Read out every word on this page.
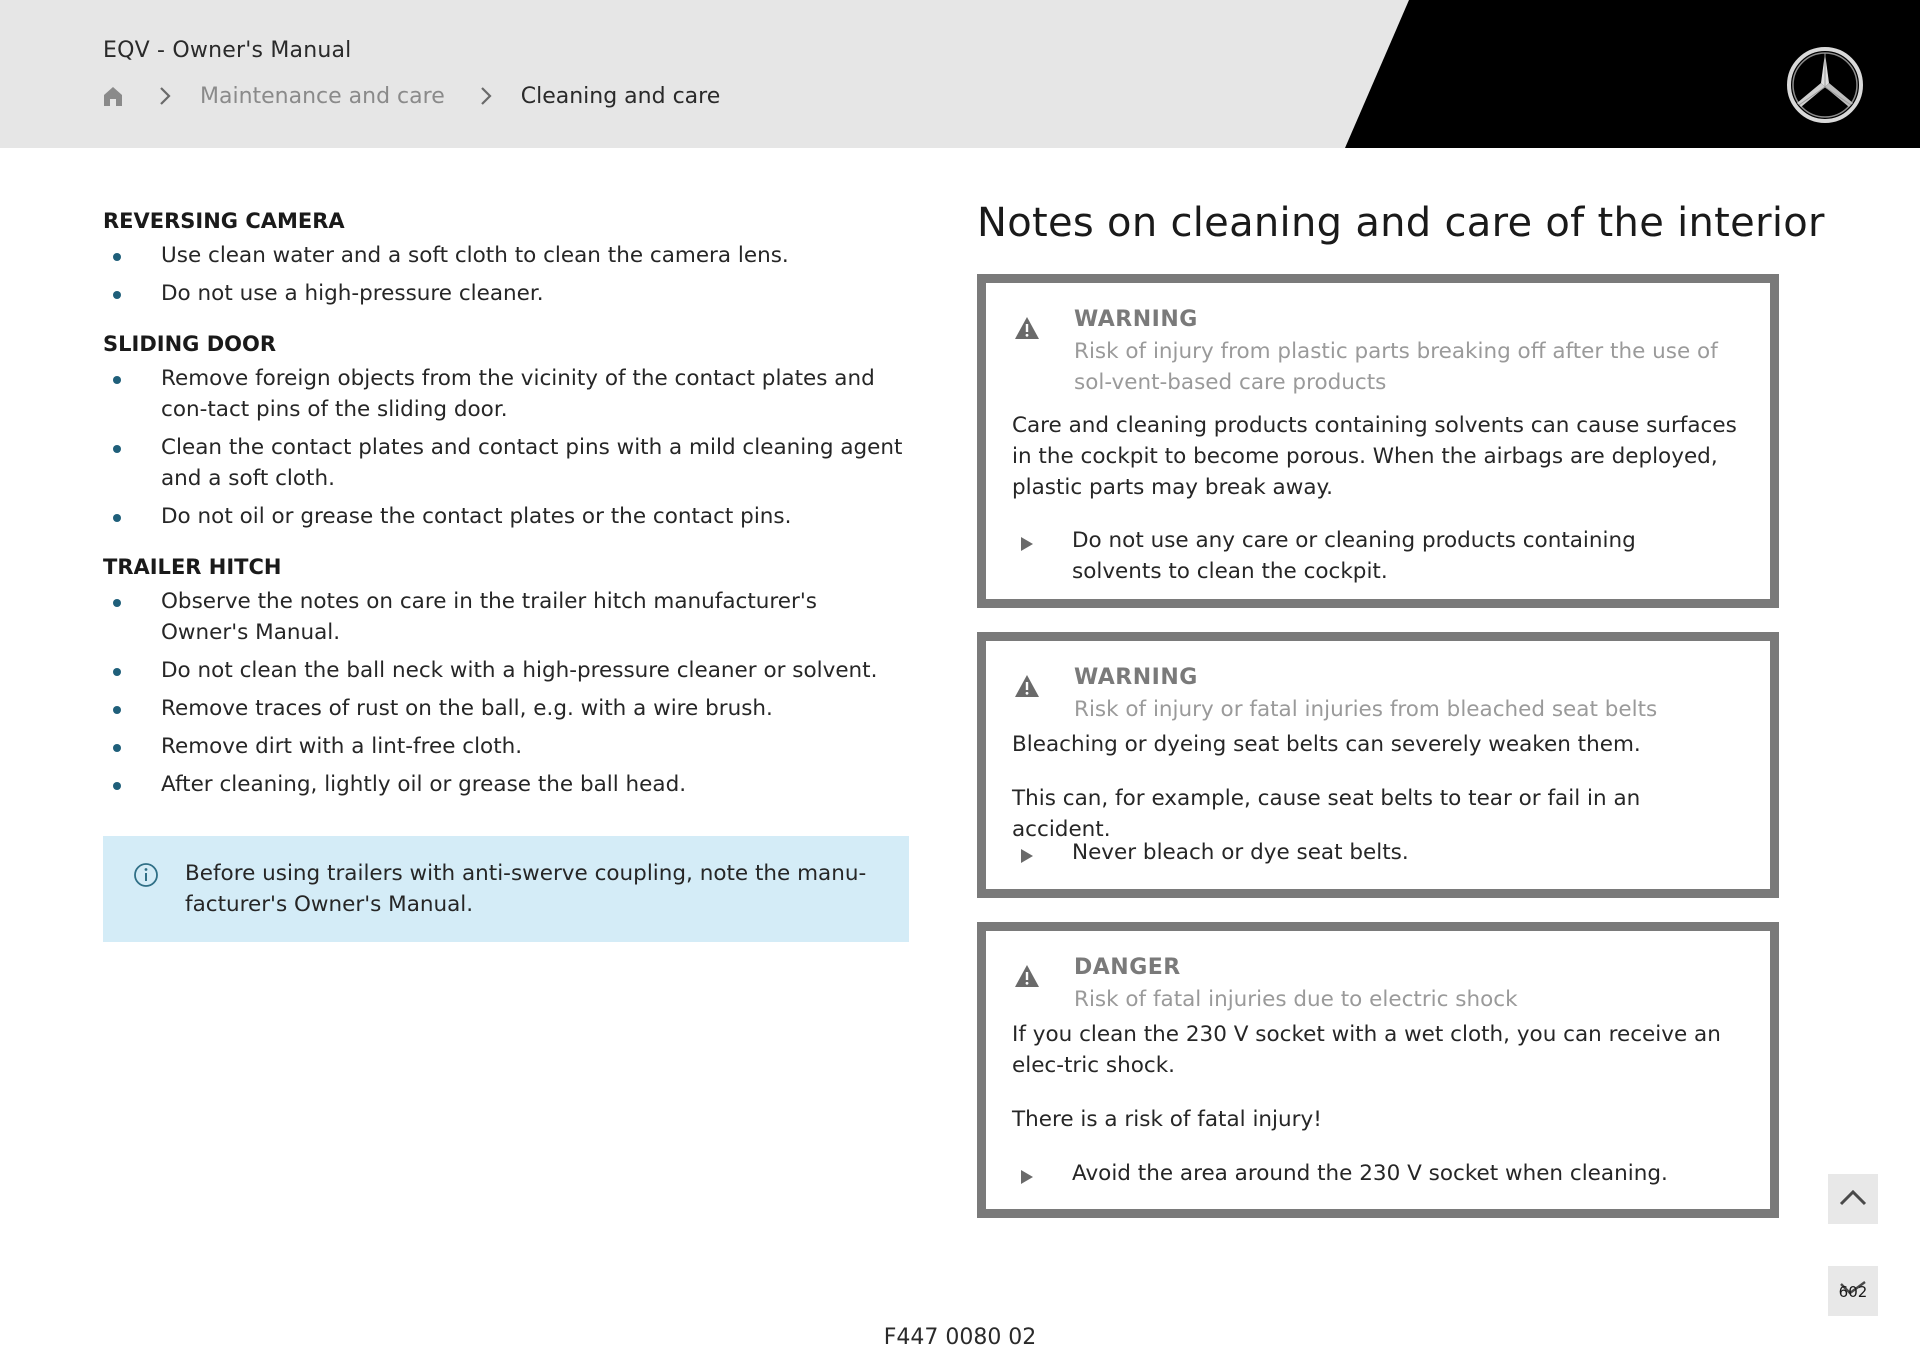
EQV - Owner's Manual
Maintenance and care	Cleaning and care
REVERSING CAMERA
Use clean water and a soft cloth to clean the camera lens.
Do not use a high-pressure cleaner.
SLIDING DOOR
Remove foreign objects from the vicinity of the contact plates and con-tact pins of the sliding door.
Clean the contact plates and contact pins with a mild cleaning agent and a soft cloth.
Do not oil or grease the contact plates or the contact pins.
TRAILER HITCH
Observe the notes on care in the trailer hitch manufacturer's Owner's Manual.
Do not clean the ball neck with a high-pressure cleaner or solvent.
Remove traces of rust on the ball, e.g. with a wire brush.
Remove dirt with a lint-free cloth.
After cleaning, lightly oil or grease the ball head.
Before using trailers with anti-swerve coupling, note the manu-facturer's Owner's Manual.
Notes on cleaning and care of the interior
WARNING
Risk of injury from plastic parts breaking off after the use of sol-vent-based care products
Care and cleaning products containing solvents can cause surfaces in the cockpit to become porous. When the airbags are deployed, plastic parts may break away.
Do not use any care or cleaning products containing solvents to clean the cockpit.
WARNING
Risk of injury or fatal injuries from bleached seat belts
Bleaching or dyeing seat belts can severely weaken them.
This can, for example, cause seat belts to tear or fail in an accident.
Never bleach or dye seat belts.
DANGER
Risk of fatal injuries due to electric shock
If you clean the 230 V socket with a wet cloth, you can receive an elec-tric shock.
There is a risk of fatal injury!
Avoid the area around the 230 V socket when cleaning.
602
F447 0080 02
